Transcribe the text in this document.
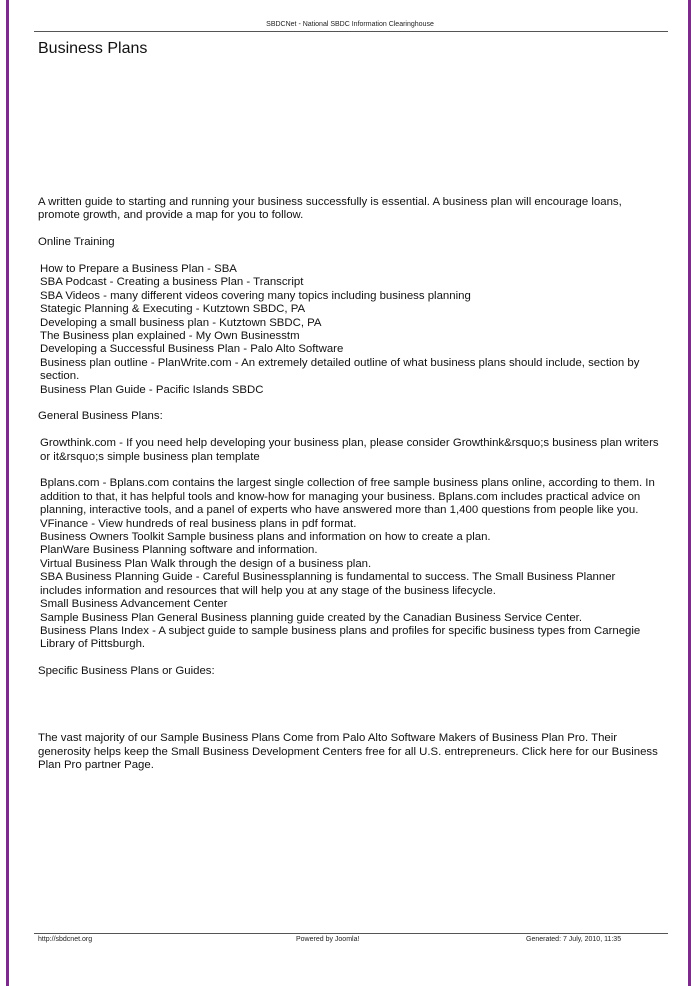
SBDCNet - National SBDC Information Clearinghouse
Business Plans

A written guide to starting and running your business successfully is essential. A business plan will encourage loans, promote growth, and provide a map for you to follow.

Online Training

How to Prepare a Business Plan - SBA

SBA Podcast - Creating a business Plan - Transcript

SBA Videos - many different videos covering many topics including business planning

Stategic Planning & Executing - Kutztown SBDC, PA

Developing a small business plan - Kutztown SBDC, PA

The Business plan explained - My Own Businesstm

Developing a Successful Business Plan - Palo Alto Software

Business plan outline - PlanWrite.com - An extremely detailed outline of what business plans should include, section by section.

Business Plan Guide - Pacific Islands SBDC

General Business Plans:

Growthink.com - If you need help developing your business plan, please consider Growthink&rsquo;s business plan writers or it&rsquo;s simple business plan template

Bplans.com - Bplans.com contains the largest single collection of free sample business plans online, according to them. In addition to that, it has helpful tools and know-how for managing your business. Bplans.com includes practical advice on planning, interactive tools, and a panel of experts who have answered more than 1,400 questions from people like you.

VFinance - View hundreds of real business plans in pdf format.

Business Owners Toolkit Sample business plans and information on how to create a plan.

PlanWare Business Planning software and information.

Virtual Business Plan Walk through the design of a business plan.

SBA Business Planning Guide - Careful Businessplanning is fundamental to success. The Small Business Planner includes information and resources that will help you at any stage of the business lifecycle.

Small Business Advancement Center

Sample Business Plan General Business planning guide created by the Canadian Business Service Center.

Business Plans Index - A subject guide to sample business plans and profiles for specific business types from Carnegie Library of Pittsburgh.

Specific Business Plans or Guides:

The vast majority of our Sample Business Plans Come from Palo Alto Software Makers of Business Plan Pro. Their generosity helps keep the Small Business Development Centers free for all U.S. entrepreneurs. Click here for our Business Plan Pro partner Page.

http://sbdcnet.org	Powered by Joomla!	Generated: 7 July, 2010, 11:35
